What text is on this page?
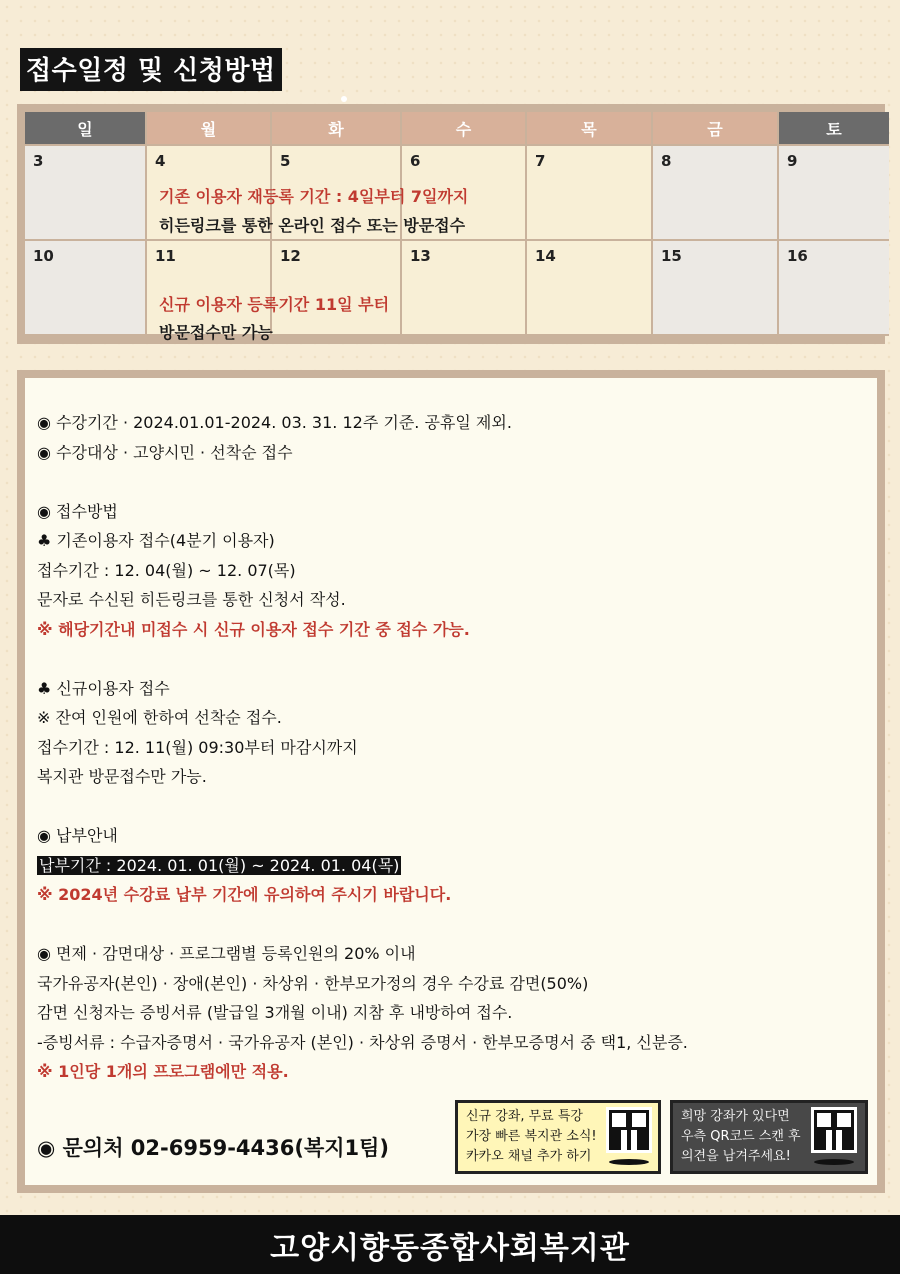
접수일정 및 신청방법
일	월	화	수	목	금	토
3	4	5	6	7	8	9
10	11	12	13	14	15	16
기존 이용자 재등록 기간 : 4일부터 7일까지
히든링크를 통한 온라인 접수 또는 방문접수
신규 이용자 등록기간 11일 부터
방문접수만 가능
◉ 수강기간 · 2024.01.01-2024. 03. 31. 12주 기준. 공휴일 제외.
◉ 수강대상 · 고양시민 · 선착순 접수
◉ 접수방법
♣ 기존이용자 접수(4분기 이용자)
접수기간 : 12. 04(월) ~ 12. 07(목)
문자로 수신된 히든링크를 통한 신청서 작성.
※ 해당기간내 미접수 시 신규 이용자 접수 기간 중 접수 가능.
♣ 신규이용자 접수
※ 잔여 인원에 한하여 선착순 접수.
접수기간 : 12. 11(월) 09:30부터 마감시까지
복지관 방문접수만 가능.
◉ 납부안내
납부기간 : 2024. 01. 01(월) ~ 2024. 01. 04(목)
※ 2024년 수강료 납부 기간에 유의하여 주시기 바랍니다.
◉ 면제 · 감면대상 · 프로그램별 등록인원의 20% 이내
국가유공자(본인) · 장애(본인) · 차상위 · 한부모가정의 경우 수강료 감면(50%)
감면 신청자는 증빙서류 (발급일 3개월 이내) 지참 후 내방하여 접수.
-증빙서류 : 수급자증명서 · 국가유공자 (본인) · 차상위 증명서 · 한부모증명서 중 택1, 신분증.
※ 1인당 1개의 프로그램에만 적용.
◉ 문의처 02-6959-4436(복지1팀)
신규 강좌, 무료 특강
가장 빠른 복지관 소식!
카카오 채널 추가 하기
희망 강좌가 있다면
우측 QR코드 스캔 후
의견을 남겨주세요!
고양시향동종합사회복지관
